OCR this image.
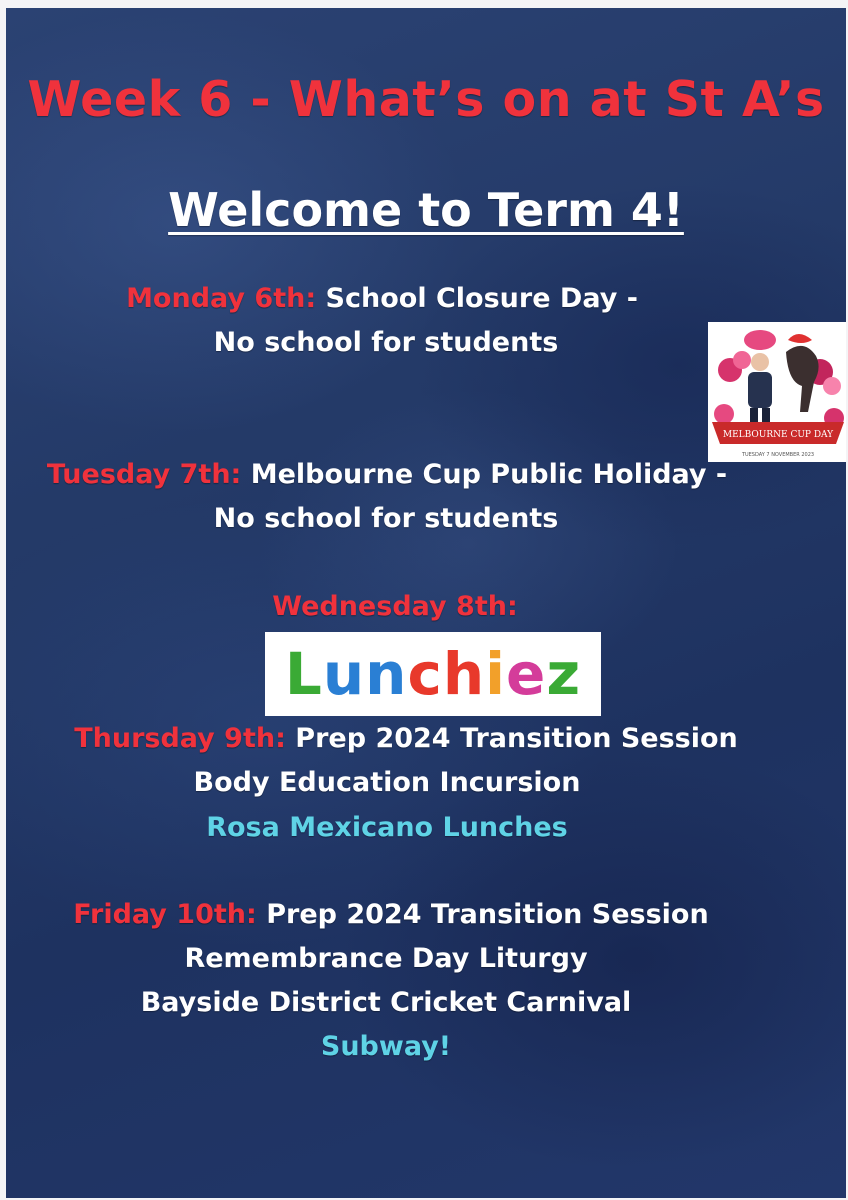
Week 6 - What’s on at St A’s
Welcome to Term 4!
Monday 6th: School Closure Day -
No school for students
MELBOURNE CUP DAY
TUESDAY 7 NOVEMBER 2023
Tuesday 7th: Melbourne Cup Public Holiday -
No school for students
Wednesday 8th:
Lunchiez
Thursday 9th: Prep 2024 Transition Session
Body Education Incursion
Rosa Mexicano Lunches
Friday 10th: Prep 2024 Transition Session
Remembrance Day Liturgy
Bayside District Cricket Carnival
Subway!
